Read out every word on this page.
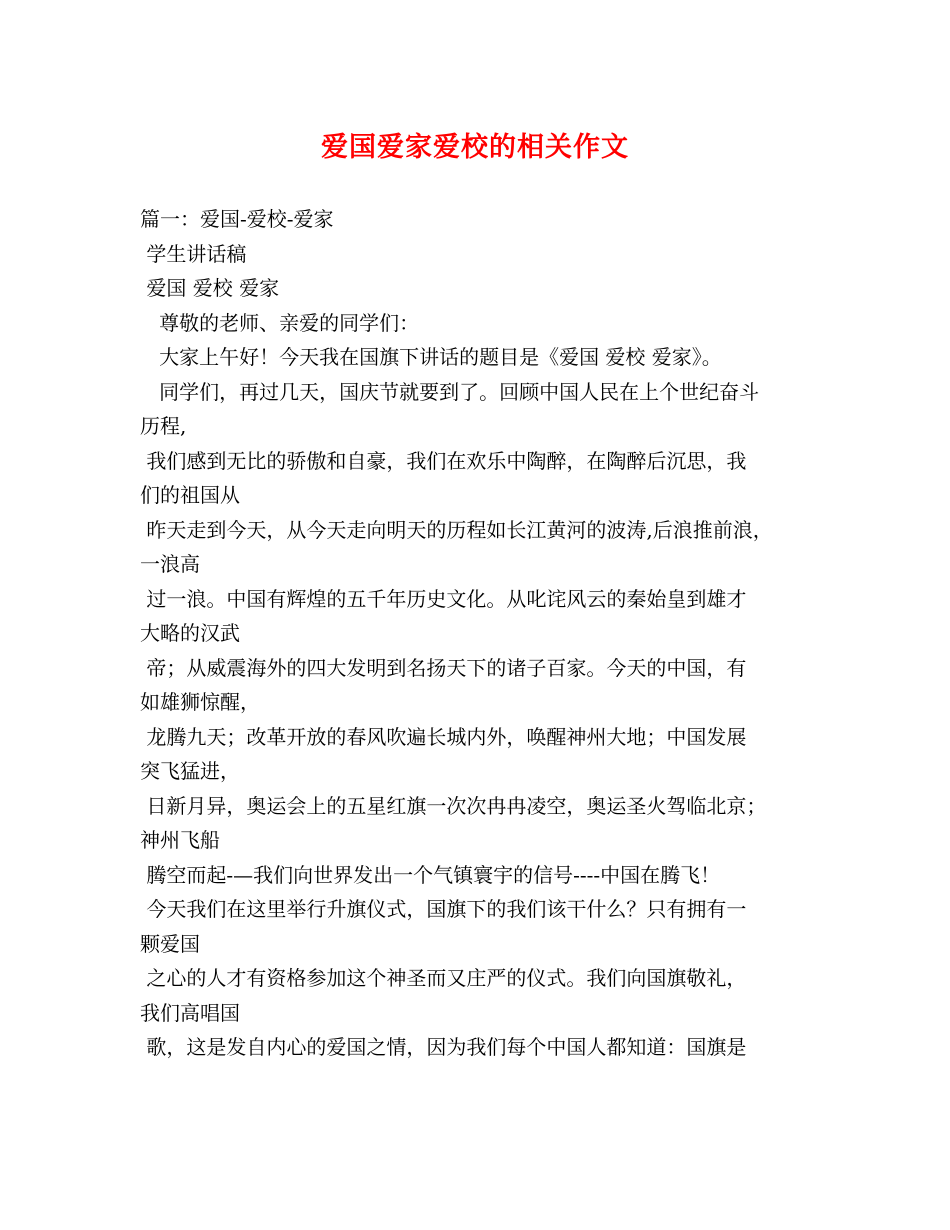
爱国爱家爱校的相关作文
篇一：爱国-爱校-爱家
学生讲话稿
爱国 爱校 爱家
尊敬的老师、亲爱的同学们：
大家上午好！今天我在国旗下讲话的题目是《爱国 爱校 爱家》。
同学们，再过几天，国庆节就要到了。回顾中国人民在上个世纪奋斗
历程,
我们感到无比的骄傲和自豪，我们在欢乐中陶醉，在陶醉后沉思，我
们的祖国从
昨天走到今天，从今天走向明天的历程如长江黄河的波涛,后浪推前浪，
一浪高
过一浪。中国有辉煌的五千年历史文化。从叱诧风云的秦始皇到雄才
大略的汉武
帝；从威震海外的四大发明到名扬天下的诸子百家。今天的中国，有
如雄狮惊醒，
龙腾九天；改革开放的春风吹遍长城内外，唤醒神州大地；中国发展
突飞猛进，
日新月异，奥运会上的五星红旗一次次冉冉凌空，奥运圣火驾临北京；
神州飞船
腾空而起-—我们向世界发出一个气镇寰宇的信号----中国在腾飞！
今天我们在这里举行升旗仪式，国旗下的我们该干什么？只有拥有一
颗爱国
之心的人才有资格参加这个神圣而又庄严的仪式。我们向国旗敬礼，
我们高唱国
歌，这是发自内心的爱国之情，因为我们每个中国人都知道：国旗是
